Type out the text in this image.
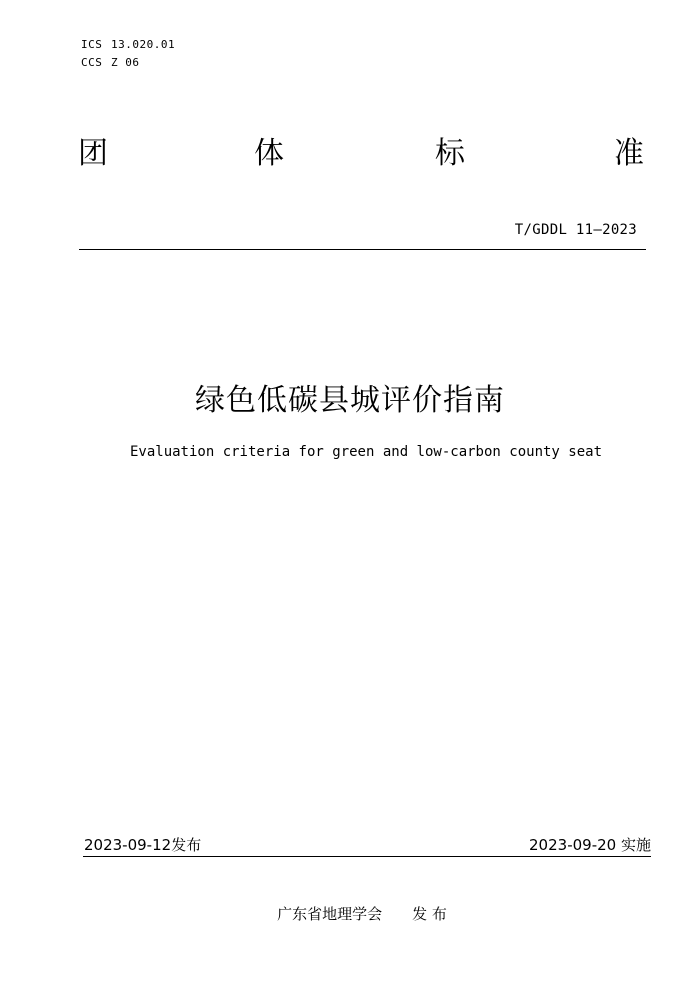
ICS 13.020.01
CCS Z 06
团	体	标	准
T/GDDL 11—2023
绿色低碳县城评价指南
Evaluation criteria for green and low-carbon county seat
2023-09-12发布	2023-09-20 实施
广东省地理学会 发 布
